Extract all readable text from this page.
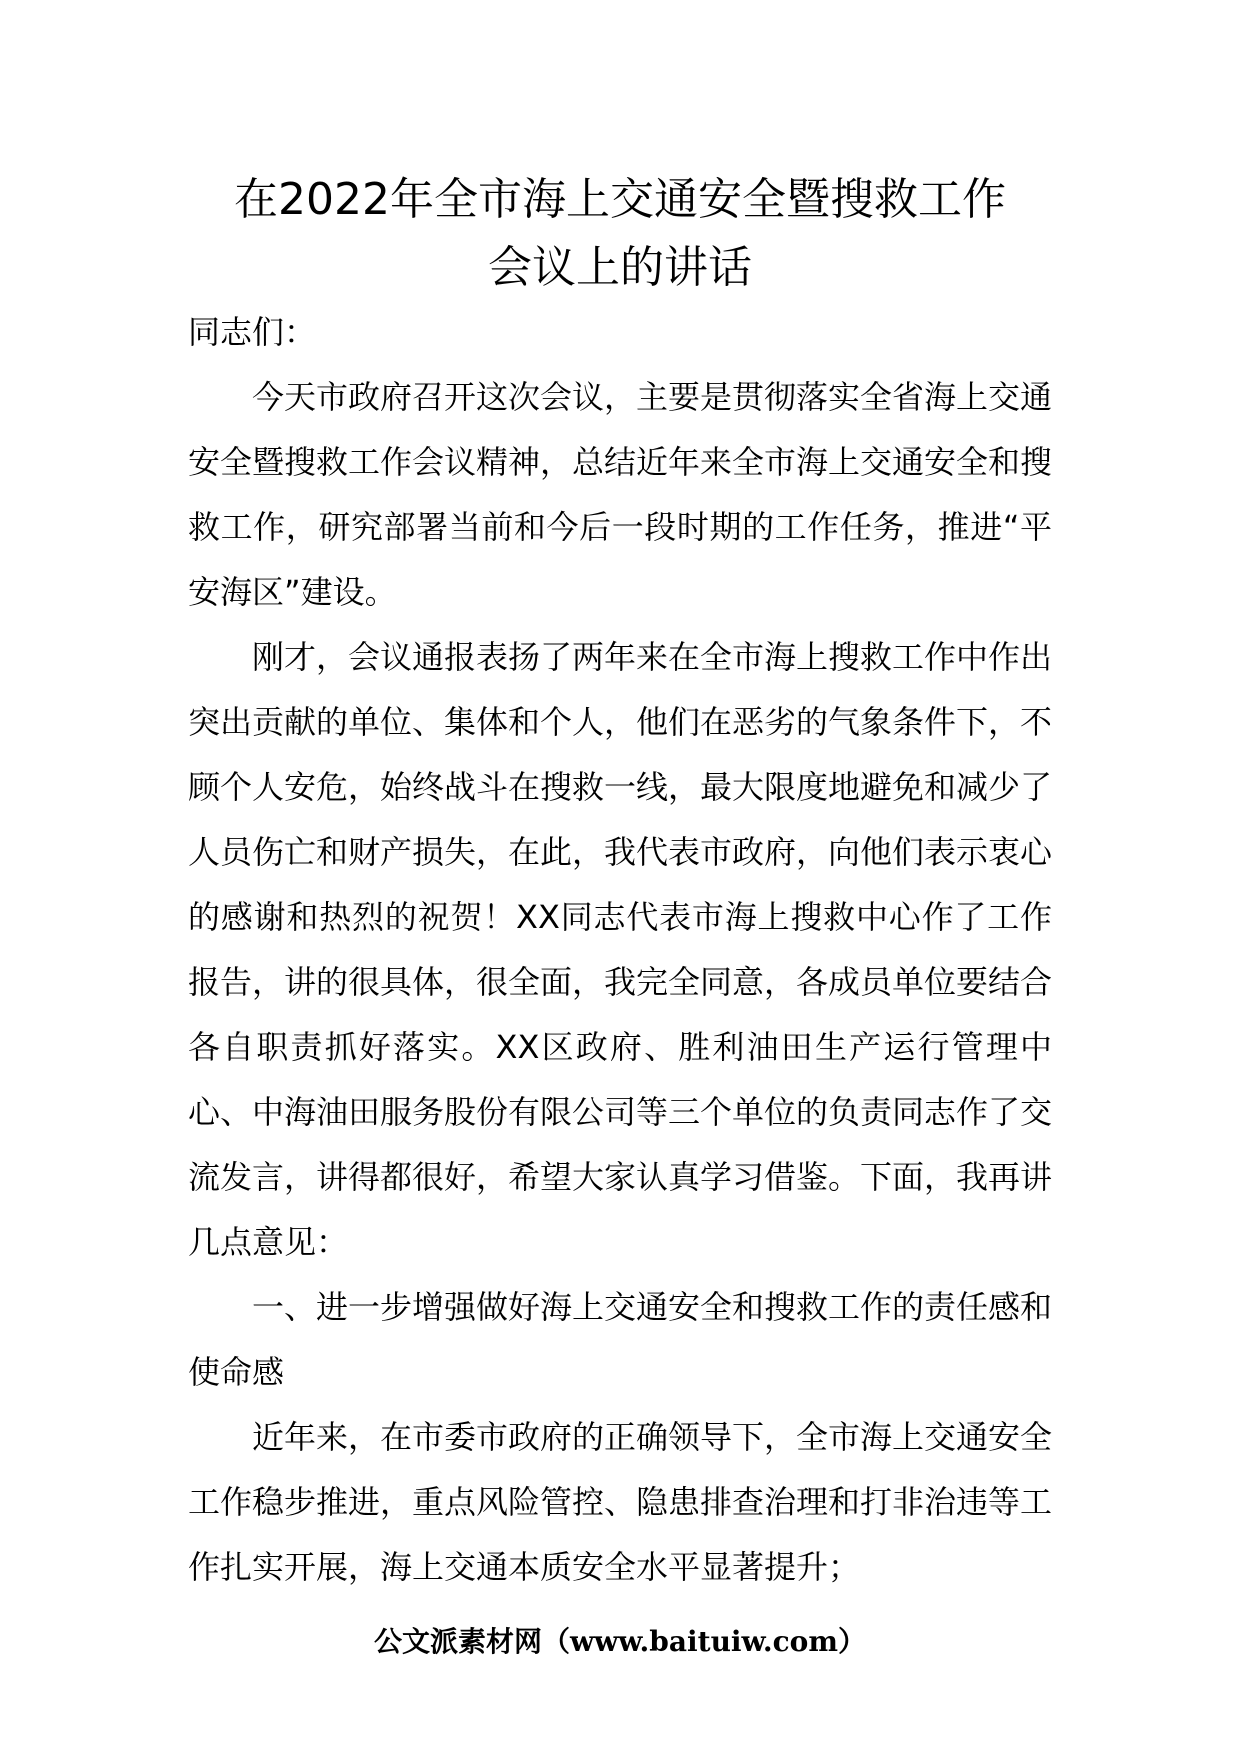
在2022年全市海上交通安全暨搜救工作
会议上的讲话

同志们：

今天市政府召开这次会议，主要是贯彻落实全省海上交通安全暨搜救工作会议精神，总结近年来全市海上交通安全和搜救工作，研究部署当前和今后一段时期的工作任务，推进“平安海区”建设。

刚才，会议通报表扬了两年来在全市海上搜救工作中作出突出贡献的单位、集体和个人，他们在恶劣的气象条件下，不顾个人安危，始终战斗在搜救一线，最大限度地避免和减少了人员伤亡和财产损失，在此，我代表市政府，向他们表示衷心的感谢和热烈的祝贺！XX同志代表市海上搜救中心作了工作报告，讲的很具体，很全面，我完全同意，各成员单位要结合各自职责抓好落实。XX区政府、胜利油田生产运行管理中心、中海油田服务股份有限公司等三个单位的负责同志作了交流发言，讲得都很好，希望大家认真学习借鉴。下面，我再讲几点意见：

一、进一步增强做好海上交通安全和搜救工作的责任感和使命感

近年来，在市委市政府的正确领导下，全市海上交通安全工作稳步推进，重点风险管控、隐患排查治理和打非治违等工作扎实开展，海上交通本质安全水平显著提升；

公文派素材网（www.baituiw.com）
